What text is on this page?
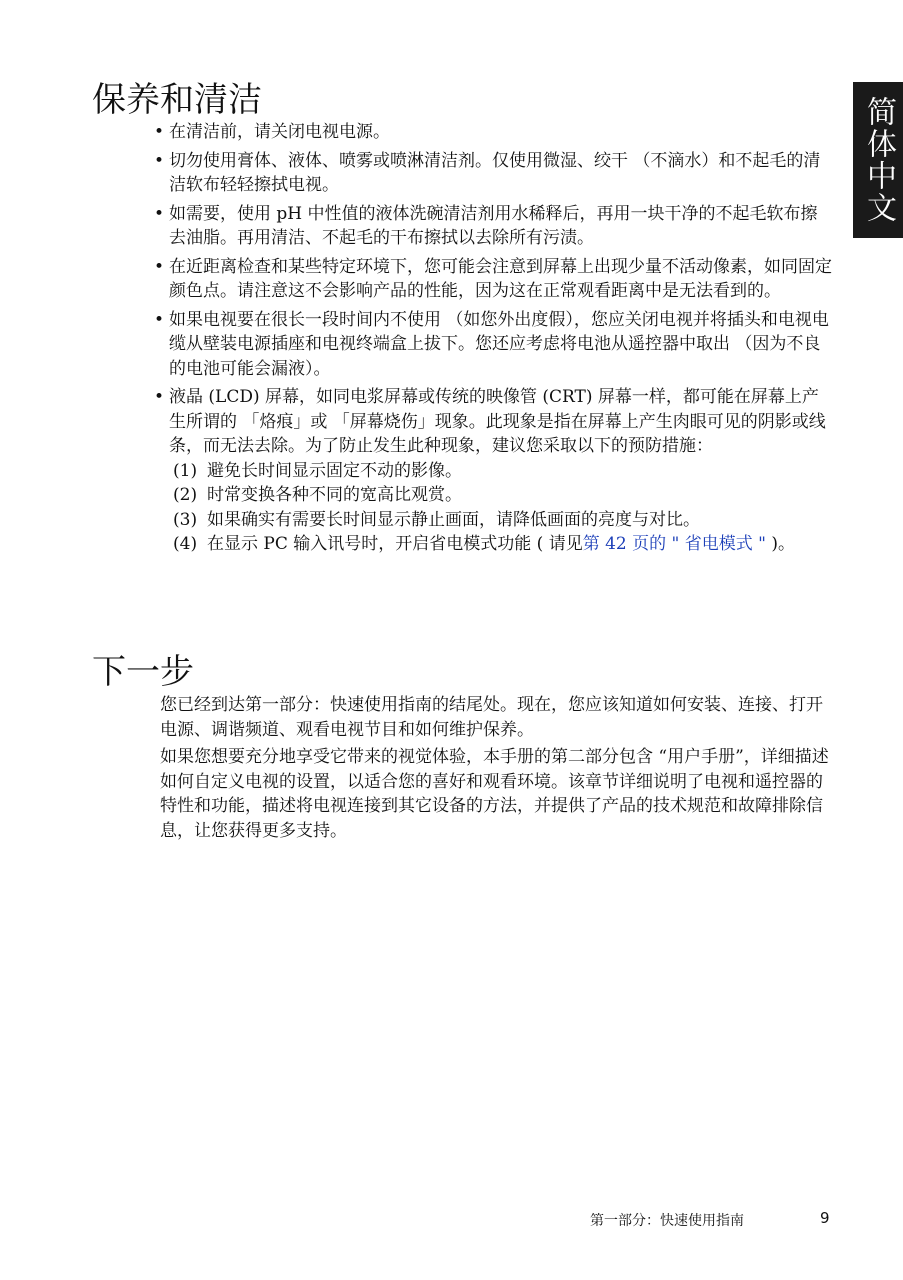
简体中文
保养和清洁
• 在清洁前，请关闭电视电源。
• 切勿使用膏体、液体、喷雾或喷淋清洁剂。仅使用微湿、绞干 （不滴水）和不起毛的清洁软布轻轻擦拭电视。
• 如需要，使用 pH 中性值的液体洗碗清洁剂用水稀释后，再用一块干净的不起毛软布擦去油脂。再用清洁、不起毛的干布擦拭以去除所有污渍。
• 在近距离检查和某些特定环境下，您可能会注意到屏幕上出现少量不活动像素，如同固定颜色点。请注意这不会影响产品的性能，因为这在正常观看距离中是无法看到的。
• 如果电视要在很长一段时间内不使用 （如您外出度假），您应关闭电视并将插头和电视电缆从壁装电源插座和电视终端盒上拔下。您还应考虑将电池从遥控器中取出 （因为不良的电池可能会漏液）。
• 液晶 (LCD) 屏幕，如同电浆屏幕或传统的映像管 (CRT) 屏幕一样，都可能在屏幕上产生所谓的 「烙痕」或 「屏幕烧伤」现象。此现象是指在屏幕上产生肉眼可见的阴影或线条，而无法去除。为了防止发生此种现象，建议您采取以下的预防措施：
(1) 避免长时间显示固定不动的影像。
(2) 时常变换各种不同的宽高比观赏。
(3) 如果确实有需要长时间显示静止画面，请降低画面的亮度与对比。
(4) 在显示 PC 输入讯号时，开启省电模式功能 ( 请见第 42 页的 " 省电模式 " )。
下一步

您已经到达第一部分：快速使用指南的结尾处。现在，您应该知道如何安装、连接、打开电源、调谐频道、观看电视节目和如何维护保养。

如果您想要充分地享受它带来的视觉体验，本手册的第二部分包含 “用户手册”，详细描述如何自定义电视的设置，以适合您的喜好和观看环境。该章节详细说明了电视和遥控器的特性和功能，描述将电视连接到其它设备的方法，并提供了产品的技术规范和故障排除信息，让您获得更多支持。

第一部分：快速使用指南	9
